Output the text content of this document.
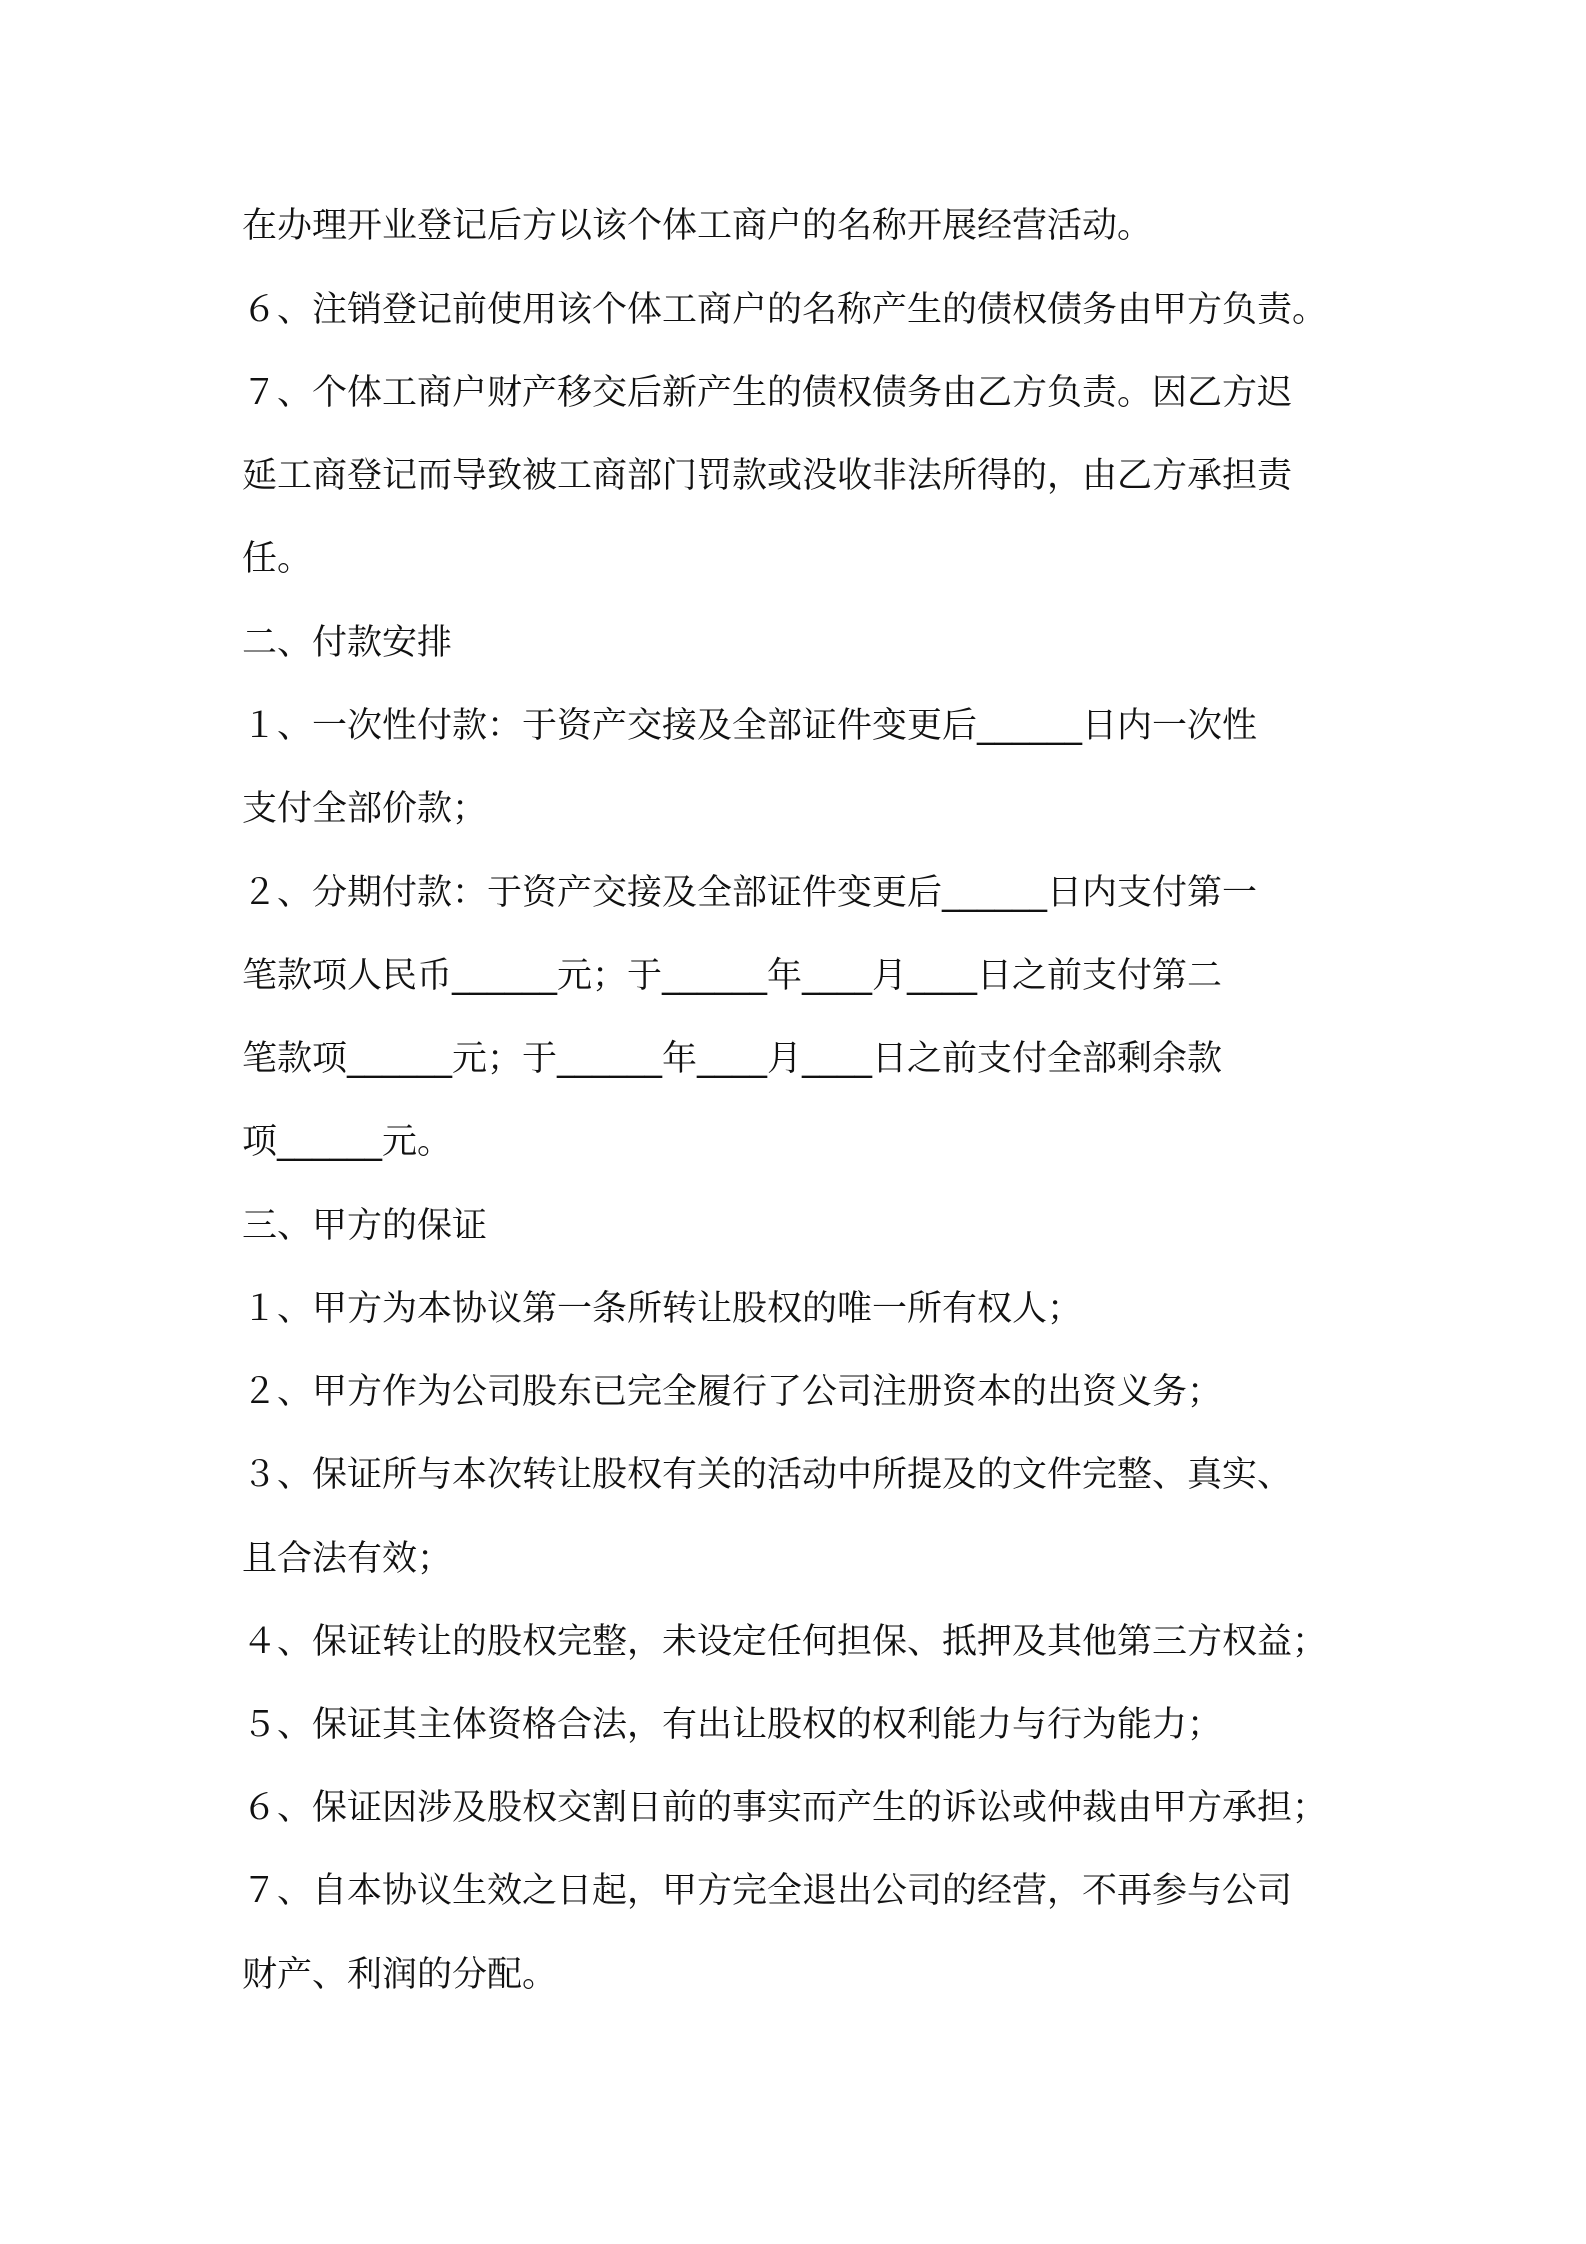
在办理开业登记后方以该个体工商户的名称开展经营活动。
６、注销登记前使用该个体工商户的名称产生的债权债务由甲方负责。
７、个体工商户财产移交后新产生的债权债务由乙方负责。因乙方迟
延工商登记而导致被工商部门罚款或没收非法所得的，由乙方承担责
任。
二、付款安排
１、一次性付款：于资产交接及全部证件变更后______日内一次性
支付全部价款；
２、分期付款：于资产交接及全部证件变更后______日内支付第一
笔款项人民币______元；于______年____月____日之前支付第二
笔款项______元；于______年____月____日之前支付全部剩余款
项______元。
三、甲方的保证
１、甲方为本协议第一条所转让股权的唯一所有权人；
２、甲方作为公司股东已完全履行了公司注册资本的出资义务；
３、保证所与本次转让股权有关的活动中所提及的文件完整、真实、
且合法有效；
４、保证转让的股权完整，未设定任何担保、抵押及其他第三方权益；
５、保证其主体资格合法，有出让股权的权利能力与行为能力；
６、保证因涉及股权交割日前的事实而产生的诉讼或仲裁由甲方承担；
７、自本协议生效之日起，甲方完全退出公司的经营，不再参与公司
财产、利润的分配。
